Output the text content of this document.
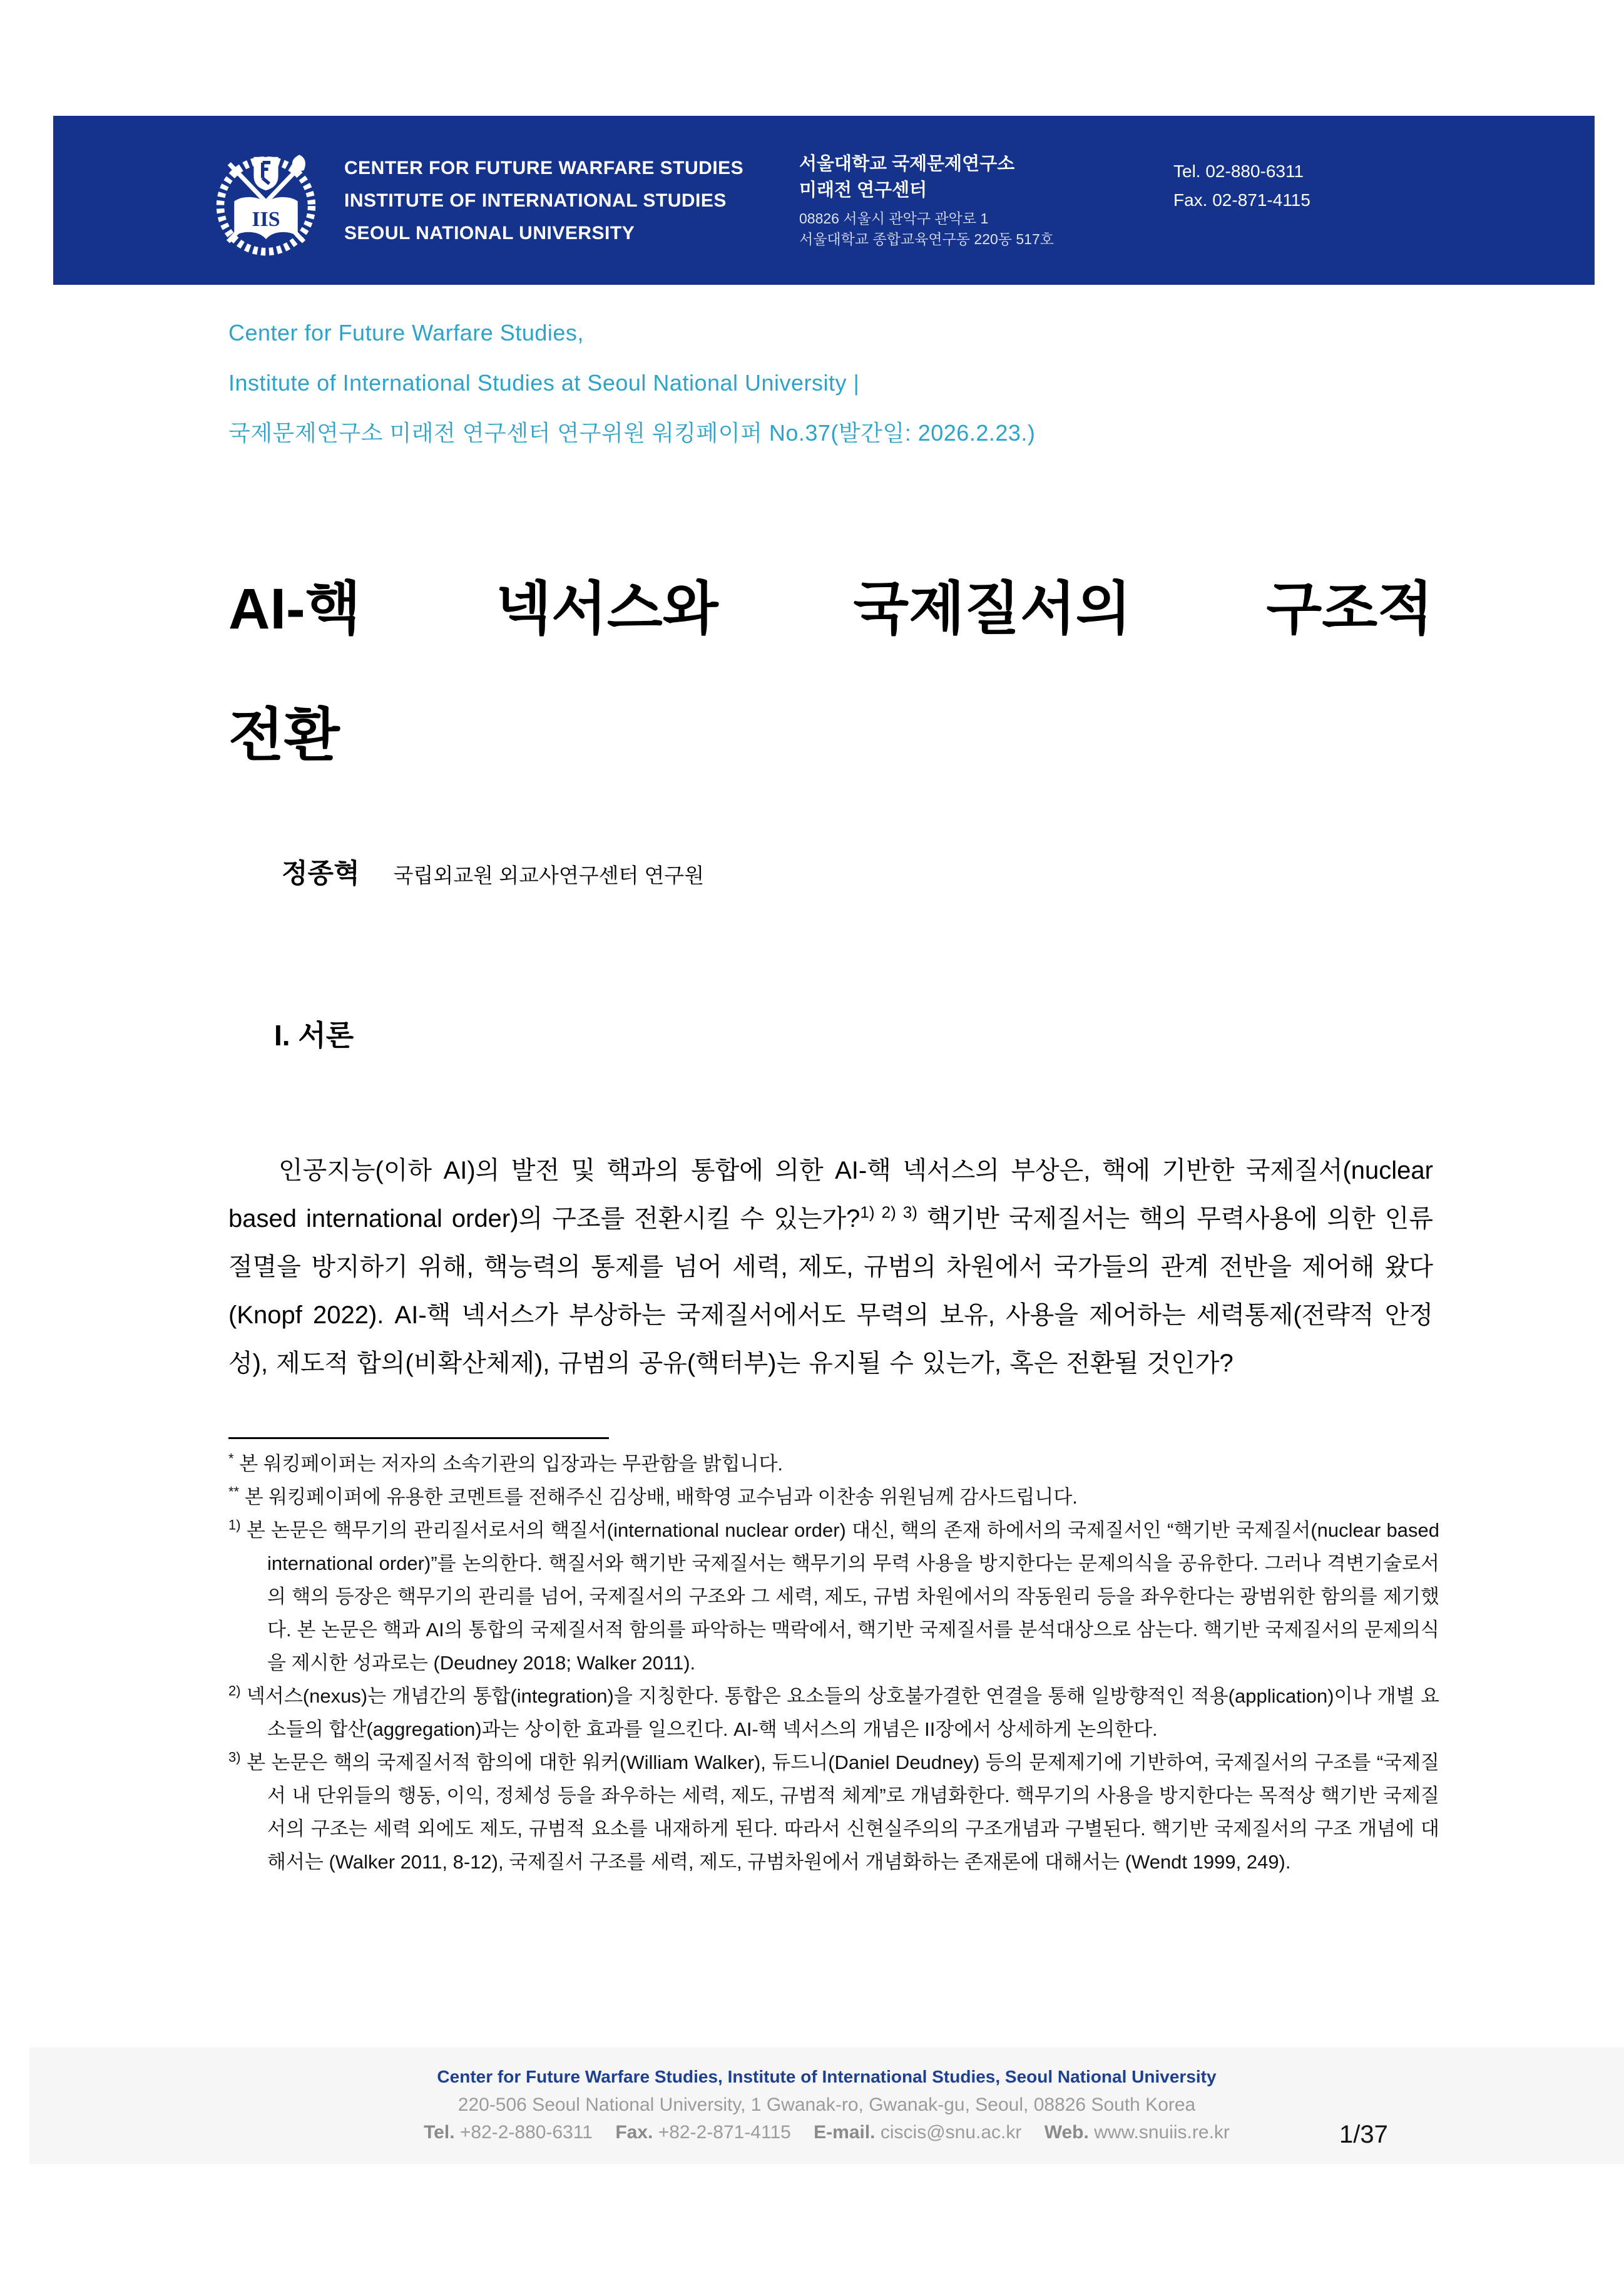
IIS
CENTER FOR FUTURE WARFARE STUDIES
INSTITUTE OF INTERNATIONAL STUDIES
SEOUL NATIONAL UNIVERSITY
서울대학교 국제문제연구소
미래전 연구센터
08826 서울시 관악구 관악로 1
서울대학교 종합교육연구동 220동 517호
Tel. 02-880-6311
Fax. 02-871-4115
Center for Future Warfare Studies,
Institute of International Studies at Seoul National University |
국제문제연구소 미래전 연구센터 연구위원 워킹페이퍼 No.37(발간일: 2026.2.23.)
AI-핵 넥서스와 국제질서의 구조적
전환
정종혁 국립외교원 외교사연구센터 연구원
I. 서론

인공지능(이하 AI)의 발전 및 핵과의 통합에 의한 AI-핵 넥서스의 부상은, 핵에 기반한 국제질서(nuclear based international order)의 구조를 전환시킬 수 있는가?$^{1) 2) 3)}$ 핵기반 국제질서는 핵의 무력사용에 의한 인류절멸을 방지하기 위해, 핵능력의 통제를 넘어 세력, 제도, 규범의 차원에서 국가들의 관계 전반을 제어해 왔다(Knopf 2022). AI-핵 넥서스가 부상하는 국제질서에서도 무력의 보유, 사용을 제어하는 세력통제(전략적 안정성), 제도적 합의(비확산체제), 규범의 공유(핵터부)는 유지될 수 있는가, 혹은 전환될 것인가?

* 본 워킹페이퍼는 저자의 소속기관의 입장과는 무관함을 밝힙니다.
** 본 워킹페이퍼에 유용한 코멘트를 전해주신 김상배, 배학영 교수님과 이찬송 위원님께 감사드립니다.
$^{1)}$ 본 논문은 핵무기의 관리질서로서의 핵질서(international nuclear order) 대신, 핵의 존재 하에서의 국제질서인 “핵기반 국제질서(nuclear based international order)”를 논의한다. 핵질서와 핵기반 국제질서는 핵무기의 무력 사용을 방지한다는 문제의식을 공유한다. 그러나 격변기술로서의 핵의 등장은 핵무기의 관리를 넘어, 국제질서의 구조와 그 세력, 제도, 규범 차원에서의 작동원리 등을 좌우한다는 광범위한 함의를 제기했다. 본 논문은 핵과 AI의 통합의 국제질서적 함의를 파악하는 맥락에서, 핵기반 국제질서를 분석대상으로 삼는다. 핵기반 국제질서의 문제의식을 제시한 성과로는 (Deudney 2018; Walker 2011).
$^{2)}$ 넥서스(nexus)는 개념간의 통합(integration)을 지칭한다. 통합은 요소들의 상호불가결한 연결을 통해 일방향적인 적용(application)이나 개별 요소들의 합산(aggregation)과는 상이한 효과를 일으킨다. AI-핵 넥서스의 개념은 II장에서 상세하게 논의한다.
$^{3)}$ 본 논문은 핵의 국제질서적 함의에 대한 워커(William Walker), 듀드니(Daniel Deudney) 등의 문제제기에 기반하여, 국제질서의 구조를 “국제질서 내 단위들의 행동, 이익, 정체성 등을 좌우하는 세력, 제도, 규범적 체계”로 개념화한다. 핵무기의 사용을 방지한다는 목적상 핵기반 국제질서의 구조는 세력 외에도 제도, 규범적 요소를 내재하게 된다. 따라서 신현실주의의 구조개념과 구별된다. 핵기반 국제질서의 구조 개념에 대해서는 (Walker 2011, 8-12), 국제질서 구조를 세력, 제도, 규범차원에서 개념화하는 존재론에 대해서는 (Wendt 1999, 249).
Center for Future Warfare Studies, Institute of International Studies, Seoul National University
220-506 Seoul National University, 1 Gwanak-ro, Gwanak-gu, Seoul, 08826 South Korea
Tel. +82-2-880-6311 Fax. +82-2-871-4115 E-mail. ciscis@snu.ac.kr Web. www.snuiis.re.kr	1/37
